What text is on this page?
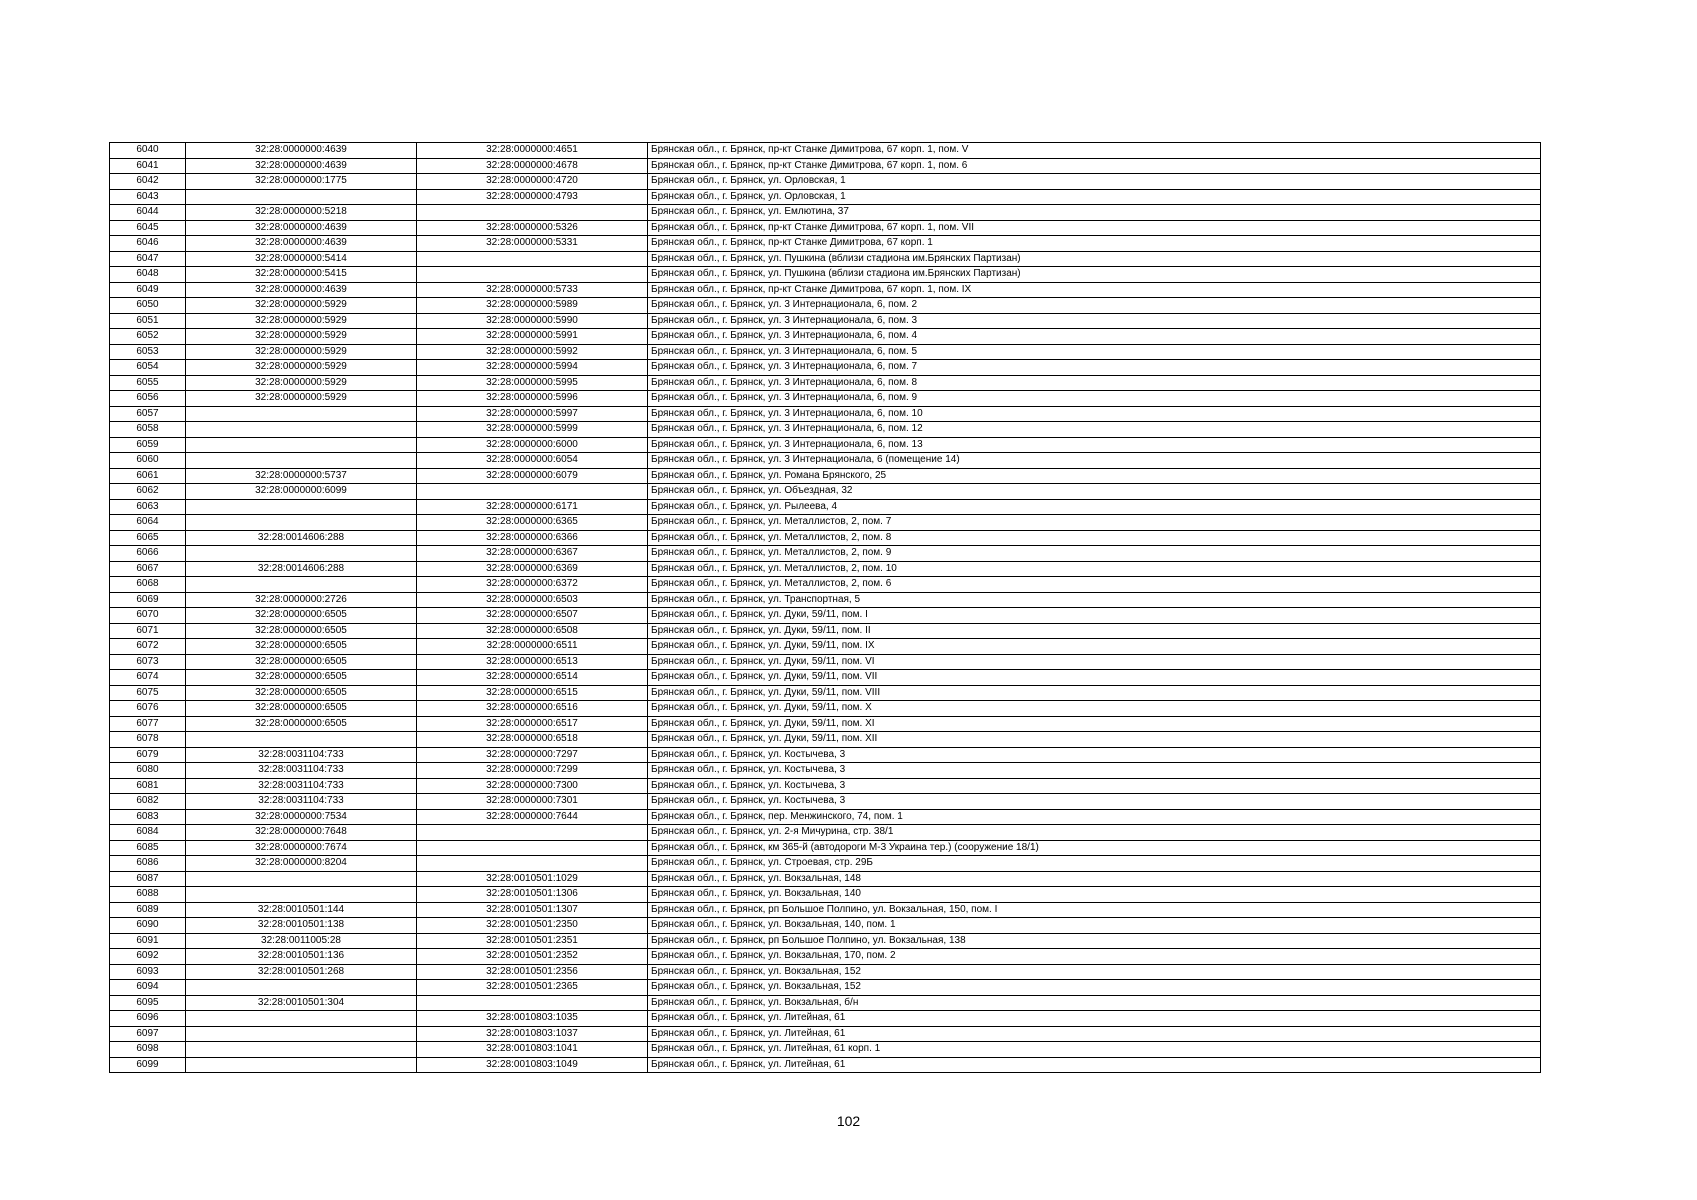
6040	32:28:0000000:4639	32:28:0000000:4651	Брянская обл., г. Брянск, пр-кт Станке Димитрова, 67 корп. 1, пом. V
6041	32:28:0000000:4639	32:28:0000000:4678	Брянская обл., г. Брянск, пр-кт Станке Димитрова, 67 корп. 1, пом. 6
6042	32:28:0000000:1775	32:28:0000000:4720	Брянская обл., г. Брянск, ул. Орловская, 1
6043		32:28:0000000:4793	Брянская обл., г. Брянск, ул. Орловская, 1
6044	32:28:0000000:5218		Брянская обл., г. Брянск, ул. Емлютина, 37
6045	32:28:0000000:4639	32:28:0000000:5326	Брянская обл., г. Брянск, пр-кт Станке Димитрова, 67 корп. 1, пом. VII
6046	32:28:0000000:4639	32:28:0000000:5331	Брянская обл., г. Брянск, пр-кт Станке Димитрова, 67 корп. 1
6047	32:28:0000000:5414		Брянская обл., г. Брянск, ул. Пушкина (вблизи стадиона им.Брянских Партизан)
6048	32:28:0000000:5415		Брянская обл., г. Брянск, ул. Пушкина (вблизи стадиона им.Брянских Партизан)
6049	32:28:0000000:4639	32:28:0000000:5733	Брянская обл., г. Брянск, пр-кт Станке Димитрова, 67 корп. 1, пом. IX
6050	32:28:0000000:5929	32:28:0000000:5989	Брянская обл., г. Брянск, ул. 3 Интернационала, 6, пом. 2
6051	32:28:0000000:5929	32:28:0000000:5990	Брянская обл., г. Брянск, ул. 3 Интернационала, 6, пом. 3
6052	32:28:0000000:5929	32:28:0000000:5991	Брянская обл., г. Брянск, ул. 3 Интернационала, 6, пом. 4
6053	32:28:0000000:5929	32:28:0000000:5992	Брянская обл., г. Брянск, ул. 3 Интернационала, 6, пом. 5
6054	32:28:0000000:5929	32:28:0000000:5994	Брянская обл., г. Брянск, ул. 3 Интернационала, 6, пом. 7
6055	32:28:0000000:5929	32:28:0000000:5995	Брянская обл., г. Брянск, ул. 3 Интернационала, 6, пом. 8
6056	32:28:0000000:5929	32:28:0000000:5996	Брянская обл., г. Брянск, ул. 3 Интернационала, 6, пом. 9
6057		32:28:0000000:5997	Брянская обл., г. Брянск, ул. 3 Интернационала, 6, пом. 10
6058		32:28:0000000:5999	Брянская обл., г. Брянск, ул. 3 Интернационала, 6, пом. 12
6059		32:28:0000000:6000	Брянская обл., г. Брянск, ул. 3 Интернационала, 6, пом. 13
6060		32:28:0000000:6054	Брянская обл., г. Брянск, ул. 3 Интернационала, 6 (помещение 14)
6061	32:28:0000000:5737	32:28:0000000:6079	Брянская обл., г. Брянск, ул. Романа Брянского, 25
6062	32:28:0000000:6099		Брянская обл., г. Брянск, ул. Объездная, 32
6063		32:28:0000000:6171	Брянская обл., г. Брянск, ул. Рылеева, 4
6064		32:28:0000000:6365	Брянская обл., г. Брянск, ул. Металлистов, 2, пом. 7
6065	32:28:0014606:288	32:28:0000000:6366	Брянская обл., г. Брянск, ул. Металлистов, 2, пом. 8
6066		32:28:0000000:6367	Брянская обл., г. Брянск, ул. Металлистов, 2, пом. 9
6067	32:28:0014606:288	32:28:0000000:6369	Брянская обл., г. Брянск, ул. Металлистов, 2, пом. 10
6068		32:28:0000000:6372	Брянская обл., г. Брянск, ул. Металлистов, 2, пом. 6
6069	32:28:0000000:2726	32:28:0000000:6503	Брянская обл., г. Брянск, ул. Транспортная, 5
6070	32:28:0000000:6505	32:28:0000000:6507	Брянская обл., г. Брянск, ул. Дуки, 59/11, пом. I
6071	32:28:0000000:6505	32:28:0000000:6508	Брянская обл., г. Брянск, ул. Дуки, 59/11, пом. II
6072	32:28:0000000:6505	32:28:0000000:6511	Брянская обл., г. Брянск, ул. Дуки, 59/11, пом. IX
6073	32:28:0000000:6505	32:28:0000000:6513	Брянская обл., г. Брянск, ул. Дуки, 59/11, пом. VI
6074	32:28:0000000:6505	32:28:0000000:6514	Брянская обл., г. Брянск, ул. Дуки, 59/11, пом. VII
6075	32:28:0000000:6505	32:28:0000000:6515	Брянская обл., г. Брянск, ул. Дуки, 59/11, пом. VIII
6076	32:28:0000000:6505	32:28:0000000:6516	Брянская обл., г. Брянск, ул. Дуки, 59/11, пом. X
6077	32:28:0000000:6505	32:28:0000000:6517	Брянская обл., г. Брянск, ул. Дуки, 59/11, пом. XI
6078		32:28:0000000:6518	Брянская обл., г. Брянск, ул. Дуки, 59/11, пом. XII
6079	32:28:0031104:733	32:28:0000000:7297	Брянская обл., г. Брянск, ул. Костычева, 3
6080	32:28:0031104:733	32:28:0000000:7299	Брянская обл., г. Брянск, ул. Костычева, 3
6081	32:28:0031104:733	32:28:0000000:7300	Брянская обл., г. Брянск, ул. Костычева, 3
6082	32:28:0031104:733	32:28:0000000:7301	Брянская обл., г. Брянск, ул. Костычева, 3
6083	32:28:0000000:7534	32:28:0000000:7644	Брянская обл., г. Брянск, пер. Менжинского, 74, пом. 1
6084	32:28:0000000:7648		Брянская обл., г. Брянск, ул. 2-я Мичурина, стр. 38/1
6085	32:28:0000000:7674		Брянская обл., г. Брянск, км 365-й (автодороги М-3 Украина тер.) (сооружение 18/1)
6086	32:28:0000000:8204		Брянская обл., г. Брянск, ул. Строевая, стр. 29Б
6087		32:28:0010501:1029	Брянская обл., г. Брянск, ул. Вокзальная, 148
6088		32:28:0010501:1306	Брянская обл., г. Брянск, ул. Вокзальная, 140
6089	32:28:0010501:144	32:28:0010501:1307	Брянская обл., г. Брянск, рп Большое Полпино, ул. Вокзальная, 150, пом. I
6090	32:28:0010501:138	32:28:0010501:2350	Брянская обл., г. Брянск, ул. Вокзальная, 140, пом. 1
6091	32:28:0011005:28	32:28:0010501:2351	Брянская обл., г. Брянск, рп Большое Полпино, ул. Вокзальная, 138
6092	32:28:0010501:136	32:28:0010501:2352	Брянская обл., г. Брянск, ул. Вокзальная, 170, пом. 2
6093	32:28:0010501:268	32:28:0010501:2356	Брянская обл., г. Брянск, ул. Вокзальная, 152
6094		32:28:0010501:2365	Брянская обл., г. Брянск, ул. Вокзальная, 152
6095	32:28:0010501:304		Брянская обл., г. Брянск, ул. Вокзальная, б/н
6096		32:28:0010803:1035	Брянская обл., г. Брянск, ул. Литейная, 61
6097		32:28:0010803:1037	Брянская обл., г. Брянск, ул. Литейная, 61
6098		32:28:0010803:1041	Брянская обл., г. Брянск, ул. Литейная, 61 корп. 1
6099		32:28:0010803:1049	Брянская обл., г. Брянск, ул. Литейная, 61
102
